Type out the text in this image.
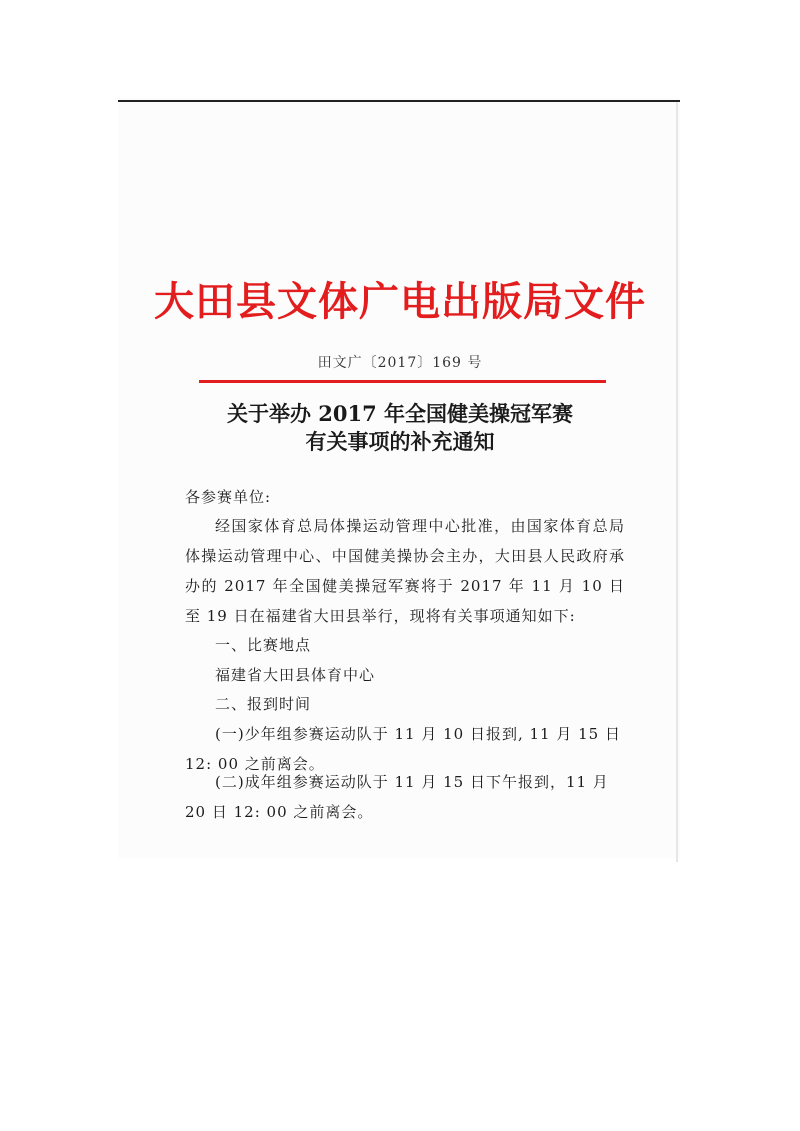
大田县文体广电出版局文件
田文广〔2017〕169 号
关于举办 2017 年全国健美操冠军赛
有关事项的补充通知
各参赛单位:
经国家体育总局体操运动管理中心批准，由国家体育总局体操运动管理中心、中国健美操协会主办，大田县人民政府承办的 2017 年全国健美操冠军赛将于 2017 年 11 月 10 日至 19 日在福建省大田县举行，现将有关事项通知如下:
一、比赛地点
福建省大田县体育中心
二、报到时间
(一)少年组参赛运动队于 11 月 10 日报到, 11 月 15 日 12: 00 之前离会。
(二)成年组参赛运动队于 11 月 15 日下午报到，11 月 20 日 12: 00 之前离会。
